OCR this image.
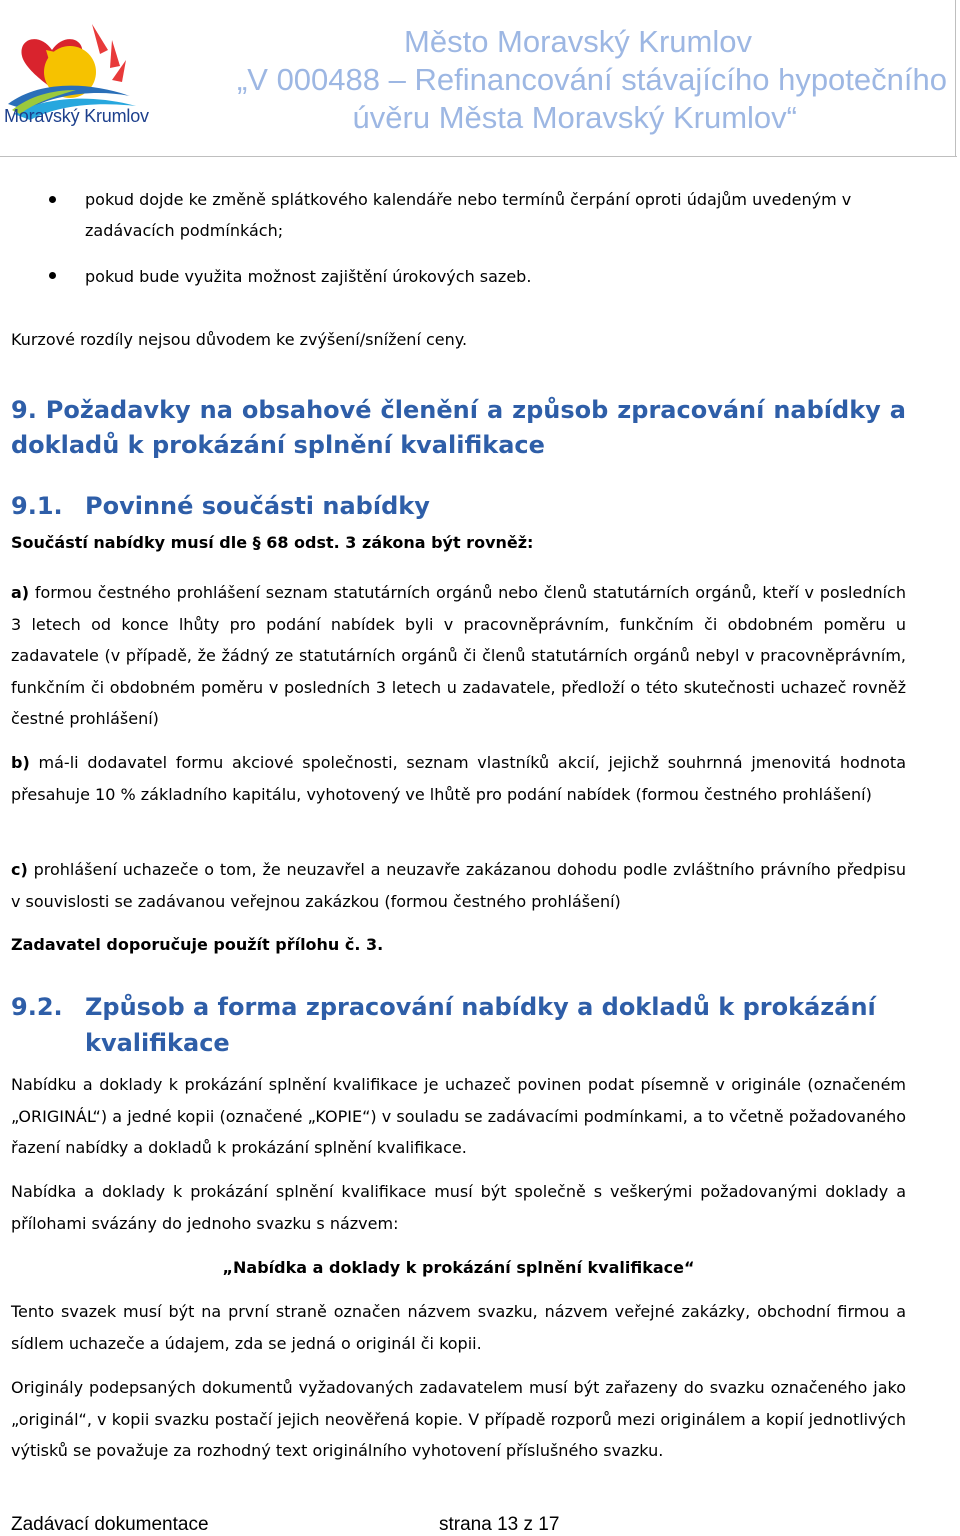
Moravský Krumlov
Město Moravský Krumlov
„V 000488 – Refinancování stávajícího hypotečního
úvěru Města Moravský Krumlov“
pokud dojde ke změně splátkového kalendáře nebo termínů čerpání oproti údajům uvedeným v zadávacích podmínkách;
pokud bude využita možnost zajištění úrokových sazeb.
Kurzové rozdíly nejsou důvodem ke zvýšení/snížení ceny.
9. Požadavky na obsahové členění a způsob zpracování nabídky a dokladů k prokázání splnění kvalifikace
9.1. Povinné součásti nabídky
Součástí nabídky musí dle § 68 odst. 3 zákona být rovněž:
a) formou čestného prohlášení seznam statutárních orgánů nebo členů statutárních orgánů, kteří v posledních 3 letech od konce lhůty pro podání nabídek byli v pracovněprávním, funkčním či obdobném poměru u zadavatele (v případě, že žádný ze statutárních orgánů či členů statutárních orgánů nebyl v pracovněprávním, funkčním či obdobném poměru v posledních 3 letech u zadavatele, předloží o této skutečnosti uchazeč rovněž čestné prohlášení)
b) má-li dodavatel formu akciové společnosti, seznam vlastníků akcií, jejichž souhrnná jmenovitá hodnota přesahuje 10 % základního kapitálu, vyhotovený ve lhůtě pro podání nabídek (formou čestného prohlášení)
c) prohlášení uchazeče o tom, že neuzavřel a neuzavře zakázanou dohodu podle zvláštního právního předpisu v souvislosti se zadávanou veřejnou zakázkou (formou čestného prohlášení)
Zadavatel doporučuje použít přílohu č. 3.
9.2. Způsob a forma zpracování nabídky a dokladů k prokázání kvalifikace
Nabídku a doklady k prokázání splnění kvalifikace je uchazeč povinen podat písemně v originále (označeném „ORIGINÁL“) a jedné kopii (označené „KOPIE“) v souladu se zadávacími podmínkami, a to včetně požadovaného řazení nabídky a dokladů k prokázání splnění kvalifikace.
Nabídka a doklady k prokázání splnění kvalifikace musí být společně s veškerými požadovanými doklady a přílohami svázány do jednoho svazku s názvem:
„Nabídka a doklady k prokázání splnění kvalifikace“
Tento svazek musí být na první straně označen názvem svazku, názvem veřejné zakázky, obchodní firmou a sídlem uchazeče a údajem, zda se jedná o originál či kopii.
Originály podepsaných dokumentů vyžadovaných zadavatelem musí být zařazeny do svazku označeného jako „originál“, v kopii svazku postačí jejich neověřená kopie. V případě rozporů mezi originálem a kopií jednotlivých výtisků se považuje za rozhodný text originálního vyhotovení příslušného svazku.
Zadávací dokumentace	strana 13 z 17
